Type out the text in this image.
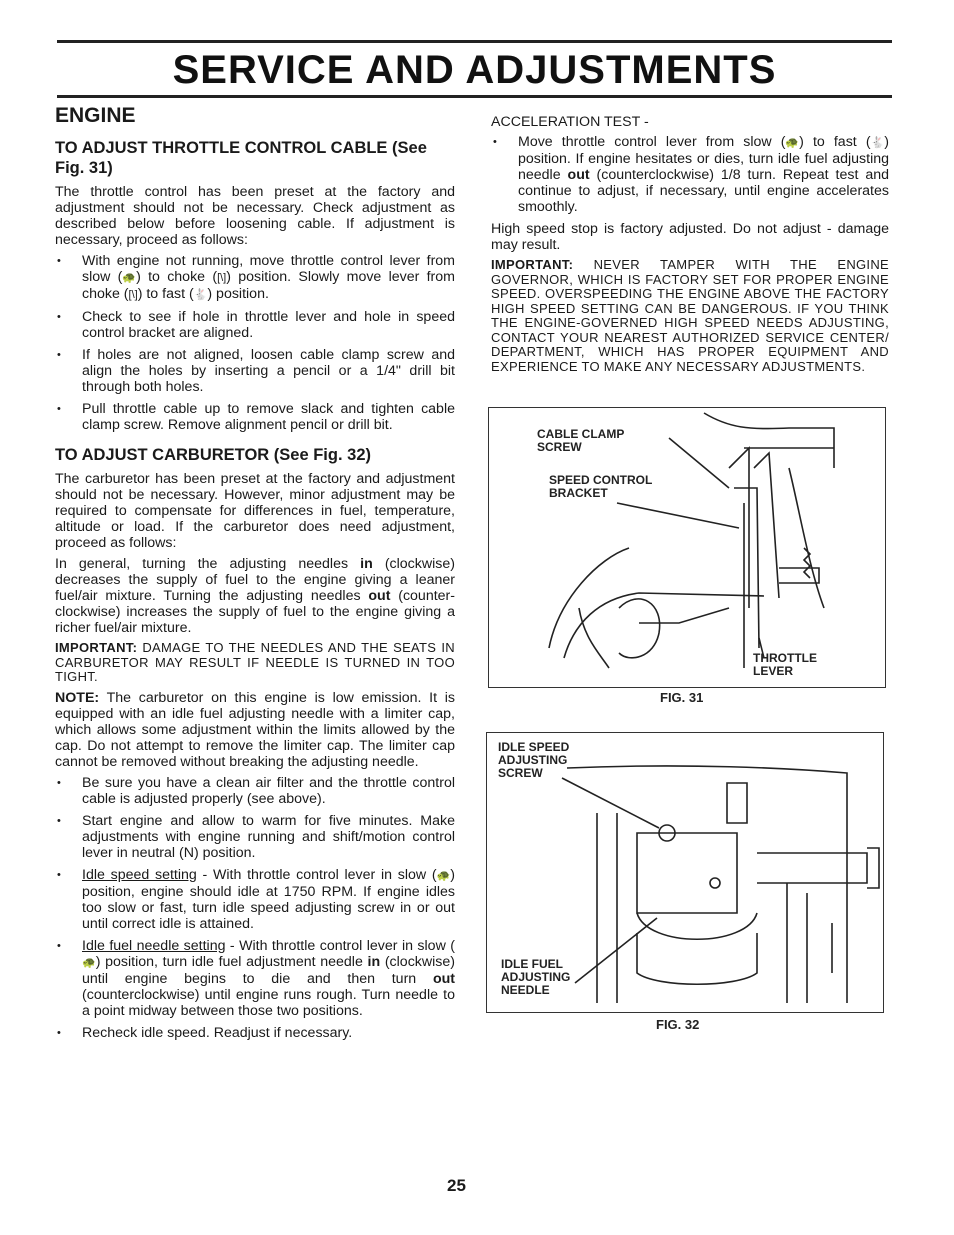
SERVICE AND ADJUSTMENTS
ENGINE
TO ADJUST THROTTLE CONTROL CABLE (See Fig. 31)

The throttle control has been preset at the factory and adjustment should not be necessary. Check adjustment as described below before loosening cable. If adjustment is necessary, proceed as follows:

• With engine not running, move throttle control lever from slow (🐢) to choke ([\]) position. Slowly move lever from choke ([\]) to fast (🐇) position.
• Check to see if hole in throttle lever and hole in speed control bracket are aligned.
• If holes are not aligned, loosen cable clamp screw and align the holes by inserting a pencil or a 1/4" drill bit through both holes.
• Pull throttle cable up to remove slack and tighten cable clamp screw. Remove alignment pencil or drill bit.
TO ADJUST CARBURETOR (See Fig. 32)

The carburetor has been preset at the factory and adjustment should not be necessary. However, minor adjustment may be required to compensate for differences in fuel, temperature, altitude or load. If the carburetor does need adjustment, proceed as follows:

In general, turning the adjusting needles in (clockwise) decreases the supply of fuel to the engine giving a leaner fuel/air mixture. Turning the adjusting needles out (counter-clockwise) increases the supply of fuel to the engine giving a richer fuel/air mixture.

IMPORTANT: DAMAGE TO THE NEEDLES AND THE SEATS IN CARBURETOR MAY RESULT IF NEEDLE IS TURNED IN TOO TIGHT.

NOTE: The carburetor on this engine is low emission. It is equipped with an idle fuel adjusting needle with a limiter cap, which allows some adjustment within the limits allowed by the cap. Do not attempt to remove the limiter cap. The limiter cap cannot be removed without breaking the adjusting needle.

• Be sure you have a clean air filter and the throttle control cable is adjusted properly (see above).
• Start engine and allow to warm for five minutes. Make adjustments with engine running and shift/motion control lever in neutral (N) position.
• Idle speed setting - With throttle control lever in slow (🐢) position, engine should idle at 1750 RPM. If engine idles too slow or fast, turn idle speed adjusting screw in or out until correct idle is attained.
• Idle fuel needle setting - With throttle control lever in slow (🐢) position, turn idle fuel adjustment needle in (clockwise) until engine begins to die and then turn out (counterclockwise) until engine runs rough. Turn needle to a point midway between those two positions.
• Recheck idle speed. Readjust if necessary.

ACCELERATION TEST -

• Move throttle control lever from slow (🐢) to fast (🐇) position. If engine hesitates or dies, turn idle fuel adjusting needle out (counterclockwise) 1/8 turn. Repeat test and continue to adjust, if necessary, until engine accelerates smoothly.

High speed stop is factory adjusted. Do not adjust - damage may result.

IMPORTANT: NEVER TAMPER WITH THE ENGINE GOVERNOR, WHICH IS FACTORY SET FOR PROPER ENGINE SPEED. OVERSPEEDING THE ENGINE ABOVE THE FACTORY HIGH SPEED SETTING CAN BE DANGEROUS. IF YOU THINK THE ENGINE-GOVERNED HIGH SPEED NEEDS ADJUSTING, CONTACT YOUR NEAREST AUTHORIZED SERVICE CENTER/ DEPARTMENT, WHICH HAS PROPER EQUIPMENT AND EXPERIENCE TO MAKE ANY NECESSARY ADJUSTMENTS.

CABLE CLAMP
SCREW
SPEED CONTROL
BRACKET
THROTTLE
LEVER
FIG. 31
IDLE SPEED
ADJUSTING
SCREW
IDLE FUEL
ADJUSTING
NEEDLE
FIG. 32
25
